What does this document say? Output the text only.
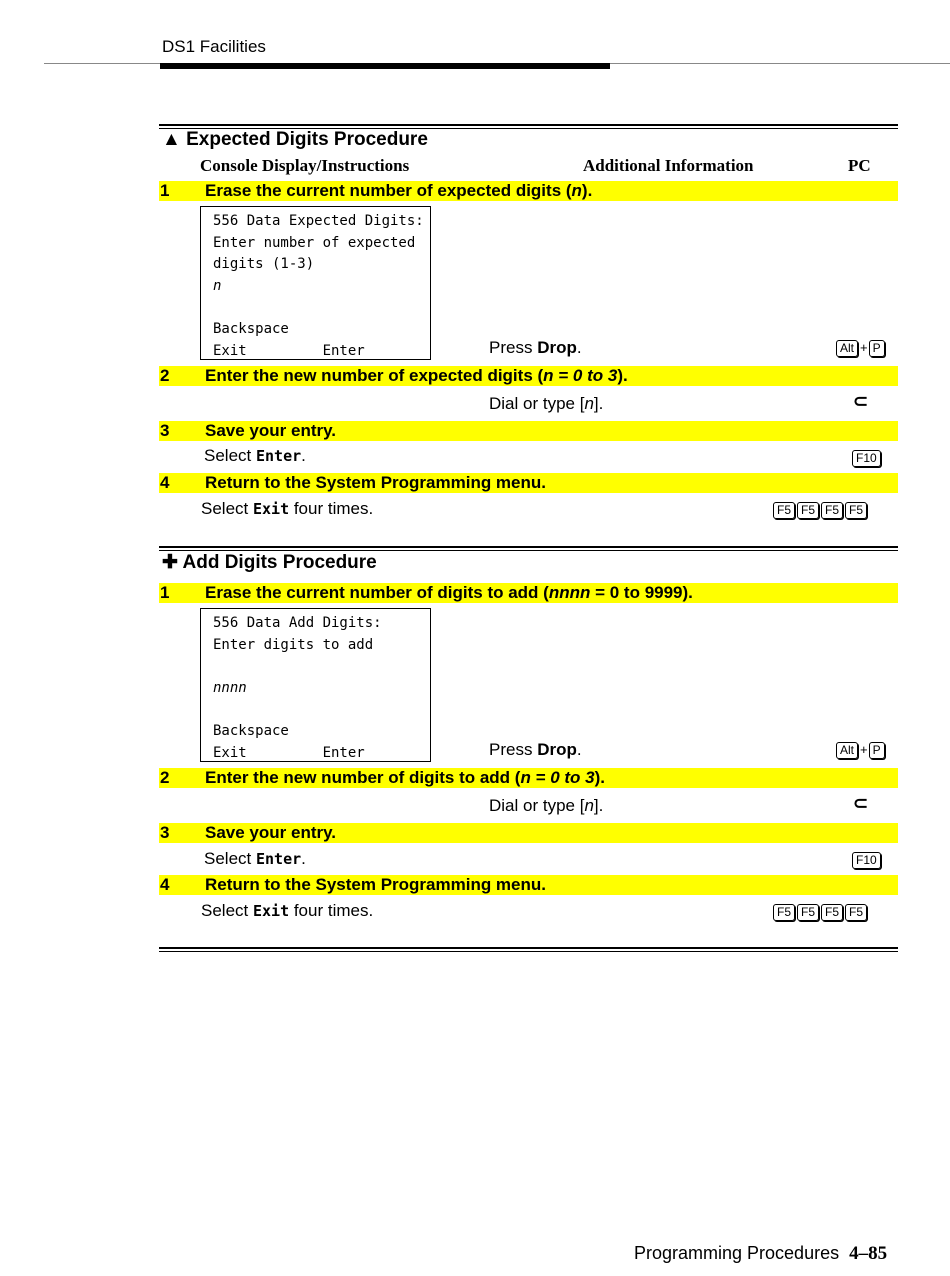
DS1 Facilities
▲ Expected Digits Procedure
Console Display/Instructions	Additional Information	PC
1 Erase the current number of expected digits (n).
556 Data Expected Digits:
Enter number of expected
digits (1-3)
n
Backspace
Exit         Enter	Press Drop.	Alt + P
2 Enter the new number of expected digits (n = 0 to 3).
Dial or type [n].	⊂
3 Save your entry.
Select Enter.	F10
4 Return to the System Programming menu.
Select Exit four times.	F5 F5 F5 F5
✚ Add Digits Procedure
1 Erase the current number of digits to add (nnnn = 0 to 9999).
556 Data Add Digits:
Enter digits to add
nnnn
Backspace
Exit         Enter	Press Drop.	Alt + P
2 Enter the new number of digits to add (n = 0 to 3).
Dial or type [n].	⊂
3 Save your entry.
Select Enter.	F10
4 Return to the System Programming menu.
Select Exit four times.	F5 F5 F5 F5
Programming Procedures 4–85
